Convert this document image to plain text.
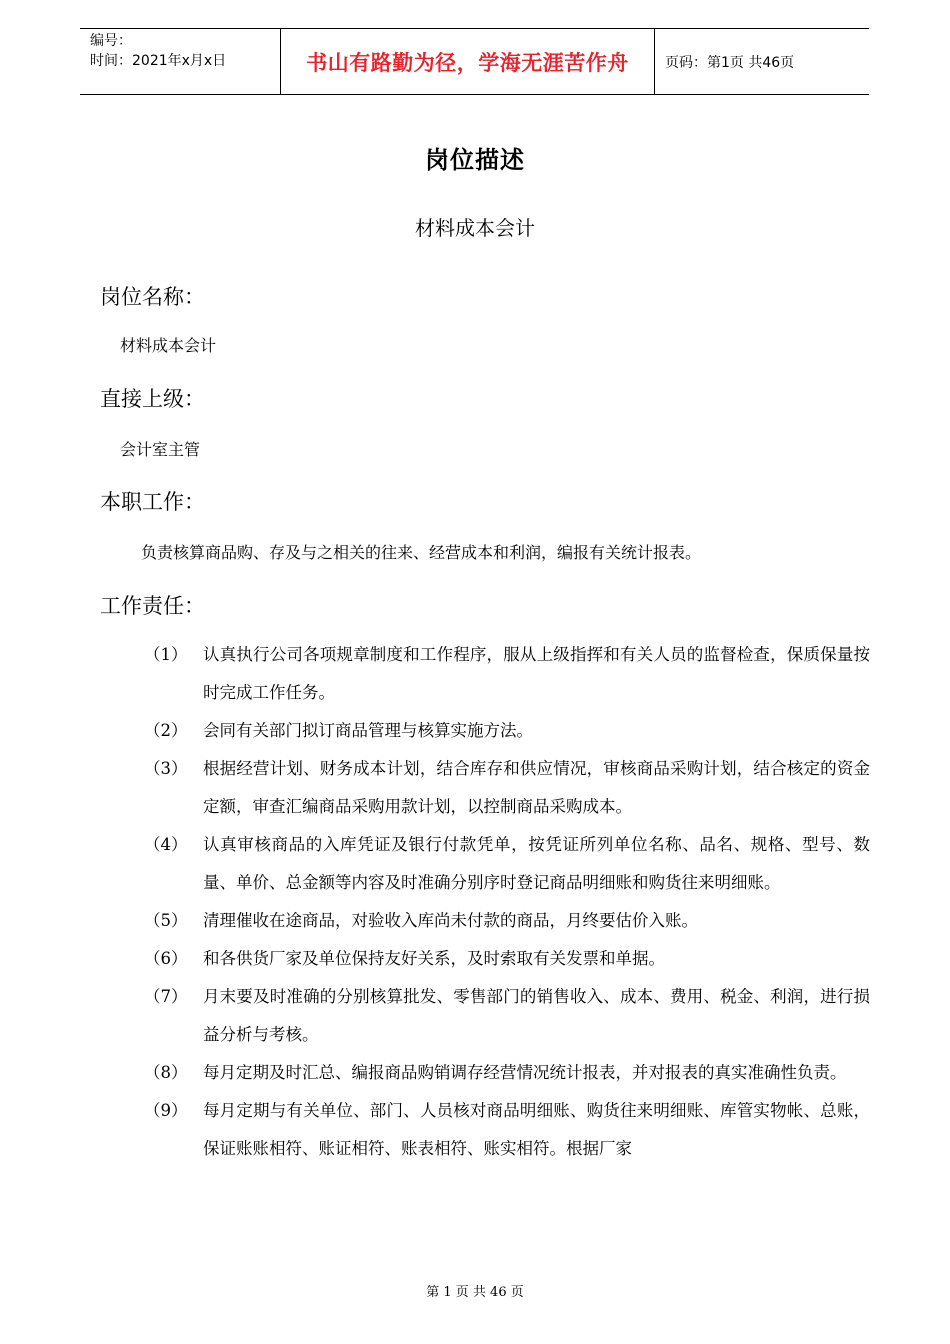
编号：
时间：2021年x月x日	书山有路勤为径，学海无涯苦作舟	页码：第1页 共46页
岗位描述
材料成本会计
岗位名称：
材料成本会计
直接上级：
会计室主管
本职工作：
负责核算商品购、存及与之相关的往来、经营成本和利润，编报有关统计报表。
工作责任：
（1） 认真执行公司各项规章制度和工作程序，服从上级指挥和有关人员的监督检查，保质保量按时完成工作任务。
（2） 会同有关部门拟订商品管理与核算实施方法。
（3） 根据经营计划、财务成本计划，结合库存和供应情况，审核商品采购计划，结合核定的资金定额，审查汇编商品采购用款计划，以控制商品采购成本。
（4） 认真审核商品的入库凭证及银行付款凭单，按凭证所列单位名称、品名、规格、型号、数量、单价、总金额等内容及时准确分别序时登记商品明细账和购货往来明细账。
（5） 清理催收在途商品，对验收入库尚未付款的商品，月终要估价入账。
（6） 和各供货厂家及单位保持友好关系，及时索取有关发票和单据。
（7） 月末要及时准确的分别核算批发、零售部门的销售收入、成本、费用、税金、利润，进行损益分析与考核。
（8） 每月定期及时汇总、编报商品购销调存经营情况统计报表，并对报表的真实准确性负责。
（9） 每月定期与有关单位、部门、人员核对商品明细账、购货往来明细账、库管实物帐、总账，保证账账相符、账证相符、账表相符、账实相符。根据厂家
第 1 页 共 46 页
